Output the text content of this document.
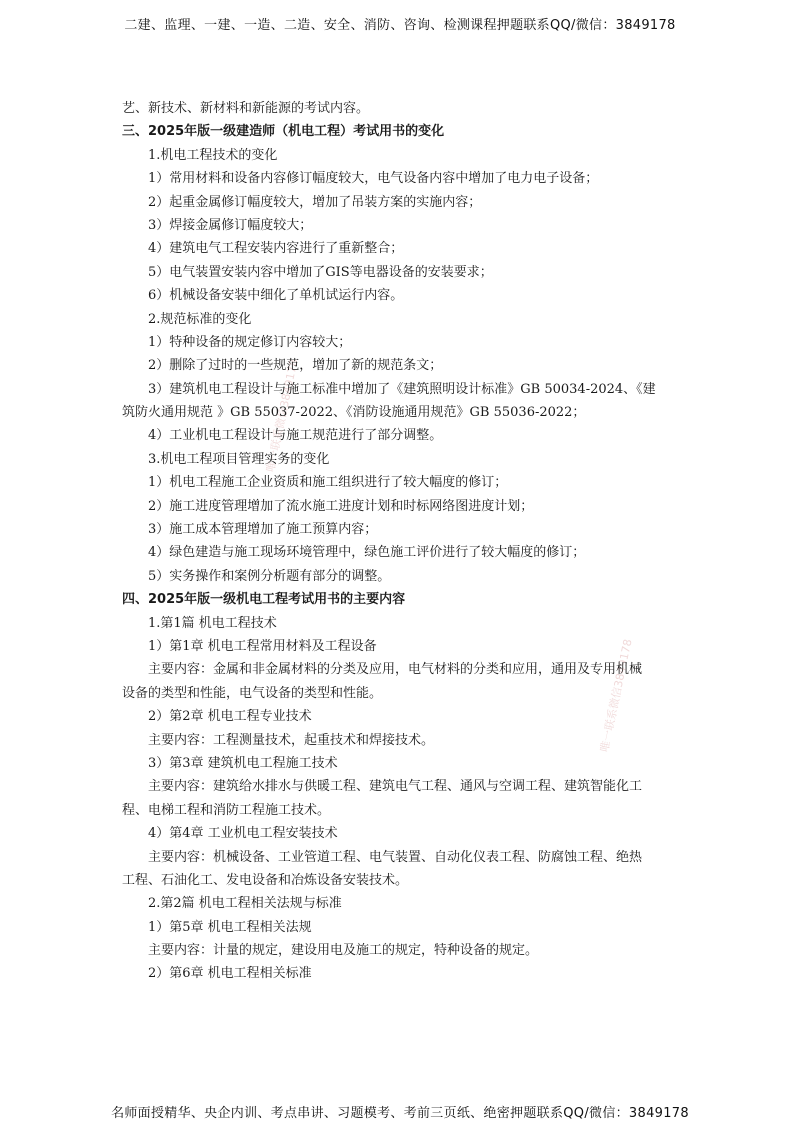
二建、监理、一建、一造、二造、安全、消防、咨询、检测课程押题联系QQ/微信：3849178
唯一联系微信3849178
唯一联系微信3849178
艺、新技术、新材料和新能源的考试内容。
三、2025年版一级建造师（机电工程）考试用书的变化
1.机电工程技术的变化
1）常用材料和设备内容修订幅度较大，电气设备内容中增加了电力电子设备；
2）起重金属修订幅度较大，增加了吊装方案的实施内容；
3）焊接金属修订幅度较大；
4）建筑电气工程安装内容进行了重新整合；
5）电气装置安装内容中增加了GIS等电器设备的安装要求；
6）机械设备安装中细化了单机试运行内容。
2.规范标准的变化
1）特种设备的规定修订内容较大；
2）删除了过时的一些规范，增加了新的规范条文；
3）建筑机电工程设计与施工标准中增加了《建筑照明设计标准》GB 50034-2024、《建
筑防火通用规范 》GB 55037-2022、《消防设施通用规范》GB 55036-2022；
4）工业机电工程设计与施工规范进行了部分调整。
3.机电工程项目管理实务的变化
1）机电工程施工企业资质和施工组织进行了较大幅度的修订；
2）施工进度管理增加了流水施工进度计划和时标网络图进度计划；
3）施工成本管理增加了施工预算内容；
4）绿色建造与施工现场环境管理中，绿色施工评价进行了较大幅度的修订；
5）实务操作和案例分析题有部分的调整。
四、2025年版一级机电工程考试用书的主要内容
1.第1篇 机电工程技术
1）第1章 机电工程常用材料及工程设备
主要内容：金属和非金属材料的分类及应用，电气材料的分类和应用，通用及专用机械
设备的类型和性能，电气设备的类型和性能。
2）第2章 机电工程专业技术
主要内容：工程测量技术，起重技术和焊接技术。
3）第3章 建筑机电工程施工技术
主要内容：建筑给水排水与供暖工程、建筑电气工程、通风与空调工程、建筑智能化工
程、电梯工程和消防工程施工技术。
4）第4章 工业机电工程安装技术
主要内容：机械设备、工业管道工程、电气装置、自动化仪表工程、防腐蚀工程、绝热
工程、石油化工、发电设备和冶炼设备安装技术。
2.第2篇 机电工程相关法规与标准
1）第5章 机电工程相关法规
主要内容：计量的规定，建设用电及施工的规定，特种设备的规定。
2）第6章 机电工程相关标准
名师面授精华、央企内训、考点串讲、习题模考、考前三页纸、绝密押题联系QQ/微信：3849178
